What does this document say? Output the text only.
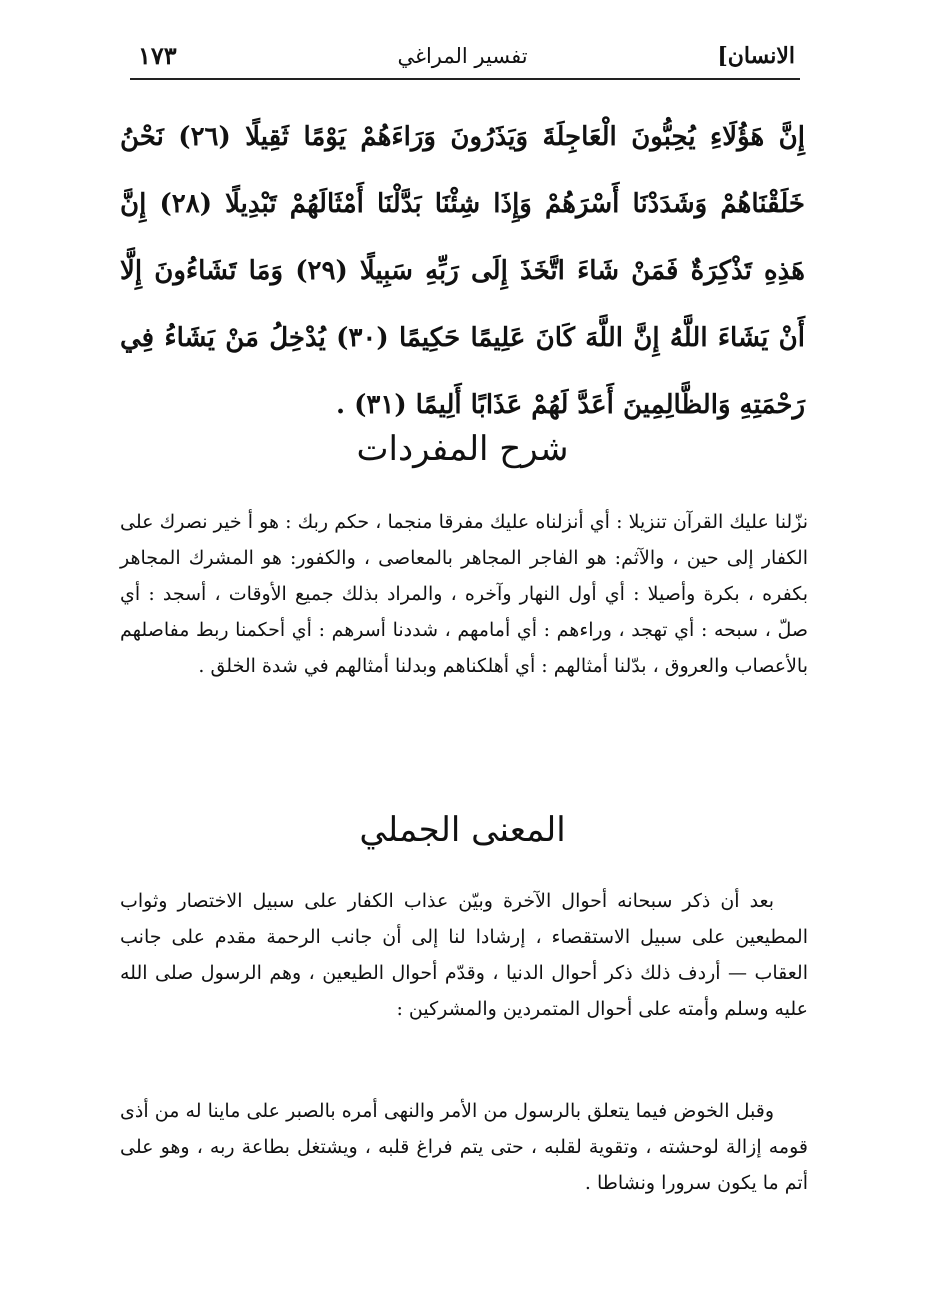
الانسان]
تفسير المراغي
١٧٣
إِنَّ هَؤُلَاءِ يُحِبُّونَ الْعَاجِلَةَ وَيَذَرُونَ وَرَاءَهُمْ يَوْمًا ثَقِيلًا (٢٦) نَحْنُ خَلَقْنَاهُمْ وَشَدَدْنَا أَسْرَهُمْ وَإِذَا شِئْنَا بَدَّلْنَا أَمْثَالَهُمْ تَبْدِيلًا (٢٨) إِنَّ هَذِهِ تَذْكِرَةٌ فَمَنْ شَاءَ اتَّخَذَ إِلَى رَبِّهِ سَبِيلًا (٢٩) وَمَا تَشَاءُونَ إِلَّا أَنْ يَشَاءَ اللَّهُ إِنَّ اللَّهَ كَانَ عَلِيمًا حَكِيمًا (٣٠) يُدْخِلُ مَنْ يَشَاءُ فِي رَحْمَتِهِ وَالظَّالِمِينَ أَعَدَّ لَهُمْ عَذَابًا أَلِيمًا (٣١) .
شرح المفردات
نزّلنا عليك القرآن تنزيلا : أي أنزلناه عليك مفرقا منجما ، حكم ربك : هو أ خير نصرك على الكفار إلى حين ، والآثم: هو الفاجر المجاهر بالمعاصى ، والكفور: هو المشرك المجاهر بكفره ، بكرة وأصيلا : أي أول النهار وآخره ، والمراد بذلك جميع الأوقات ، أسجد : أي صلّ ، سبحه : أي تهجد ، وراءهم : أي أمامهم ، شددنا أسرهم : أي أحكمنا ربط مفاصلهم بالأعصاب والعروق ، بدّلنا أمثالهم : أي أهلكناهم وبدلنا أمثالهم في شدة الخلق .
المعنى الجملي
بعد أن ذكر سبحانه أحوال الآخرة وبيّن عذاب الكفار على سبيل الاختصار وثواب المطيعين على سبيل الاستقصاء ، إرشادا لنا إلى أن جانب الرحمة مقدم على جانب العقاب — أردف ذلك ذكر أحوال الدنيا ، وقدّم أحوال الطيعين ، وهم الرسول صلى الله عليه وسلم وأمته على أحوال المتمردين والمشركين :
وقبل الخوض فيما يتعلق بالرسول من الأمر والنهى أمره بالصبر على ماينا له من أذى قومه إزالة لوحشته ، وتقوية لقلبه ، حتى يتم فراغ قلبه ، ويشتغل بطاعة ربه ، وهو على أتم ما يكون سرورا ونشاطا .
